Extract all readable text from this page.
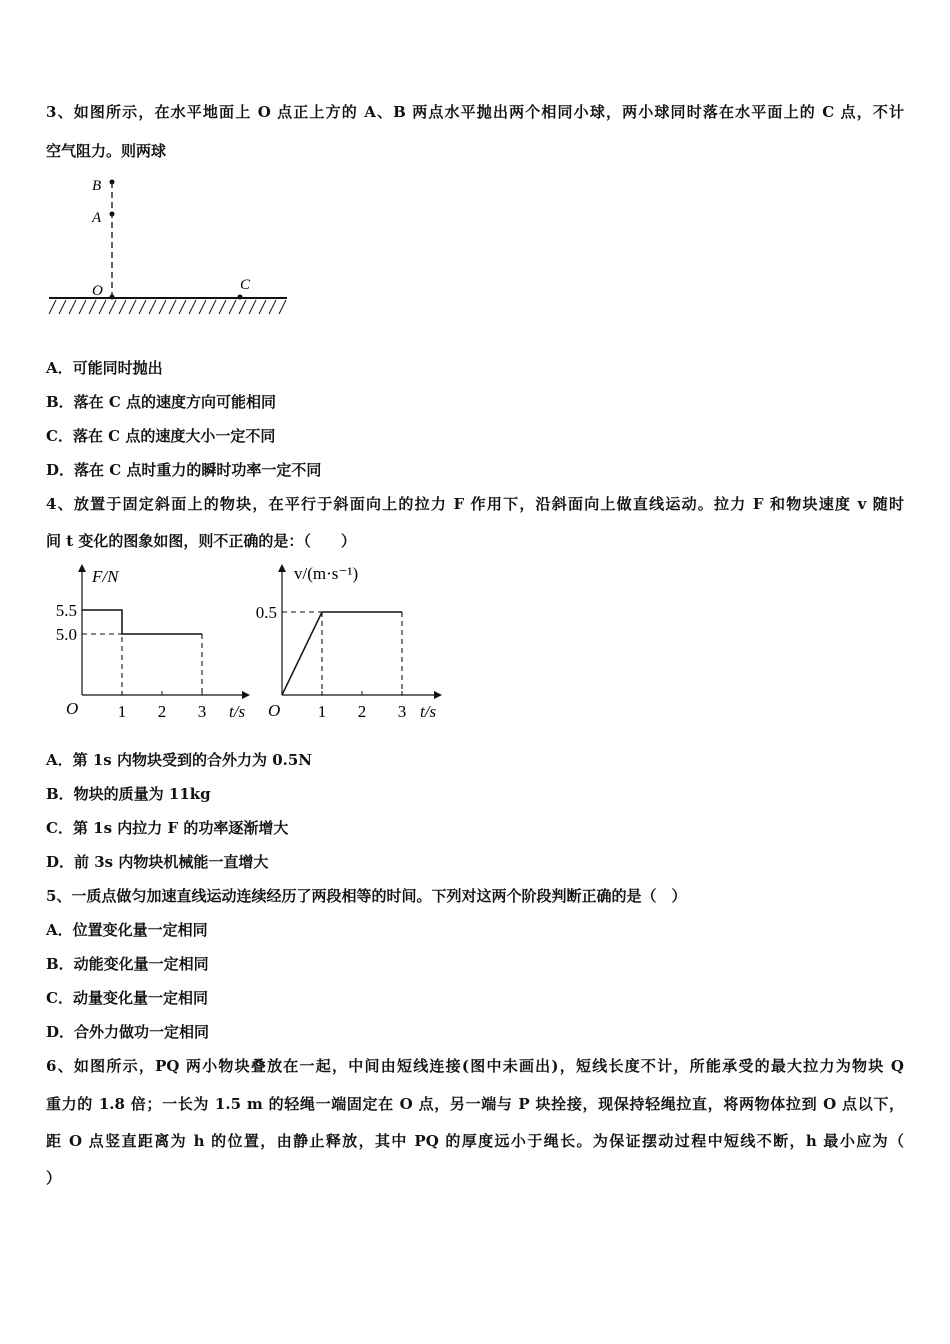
3、如图所示，在水平地面上 O 点正上方的 A、B 两点水平抛出两个相同小球，两小球同时落在水平面上的 C 点，不计
空气阻力。则两球
B
A
O	C
A．可能同时抛出
B．落在 C 点的速度方向可能相同
C．落在 C 点的速度大小一定不同
D．落在 C 点时重力的瞬时功率一定不同
4、放置于固定斜面上的物块，在平行于斜面向上的拉力 F 作用下，沿斜面向上做直线运动。拉力 F 和物块速度 v 随时
间 t 变化的图象如图，则不正确的是：（　　）
5.5
5.0
1 2 3
F/N
O	t/s
0.5
1 2 3
v/(m·s⁻¹)
O	t/s
A．第 1s 内物块受到的合外力为 0.5N
B．物块的质量为 11kg
C．第 1s 内拉力 F 的功率逐渐增大
D．前 3s 内物块机械能一直增大
5、一质点做匀加速直线运动连续经历了两段相等的时间。下列对这两个阶段判断正确的是（　）
A．位置变化量一定相同
B．动能变化量一定相同
C．动量变化量一定相同
D．合外力做功一定相同
6、如图所示，PQ 两小物块叠放在一起，中间由短线连接(图中未画出)，短线长度不计，所能承受的最大拉力为物块 Q
重力的 1.8 倍；一长为 1.5 m 的轻绳一端固定在 O 点，另一端与 P 块拴接，现保持轻绳拉直，将两物体拉到 O 点以下，
距 O 点竖直距离为 h 的位置，由静止释放，其中 PQ 的厚度远小于绳长。为保证摆动过程中短线不断，h 最小应为（
）
